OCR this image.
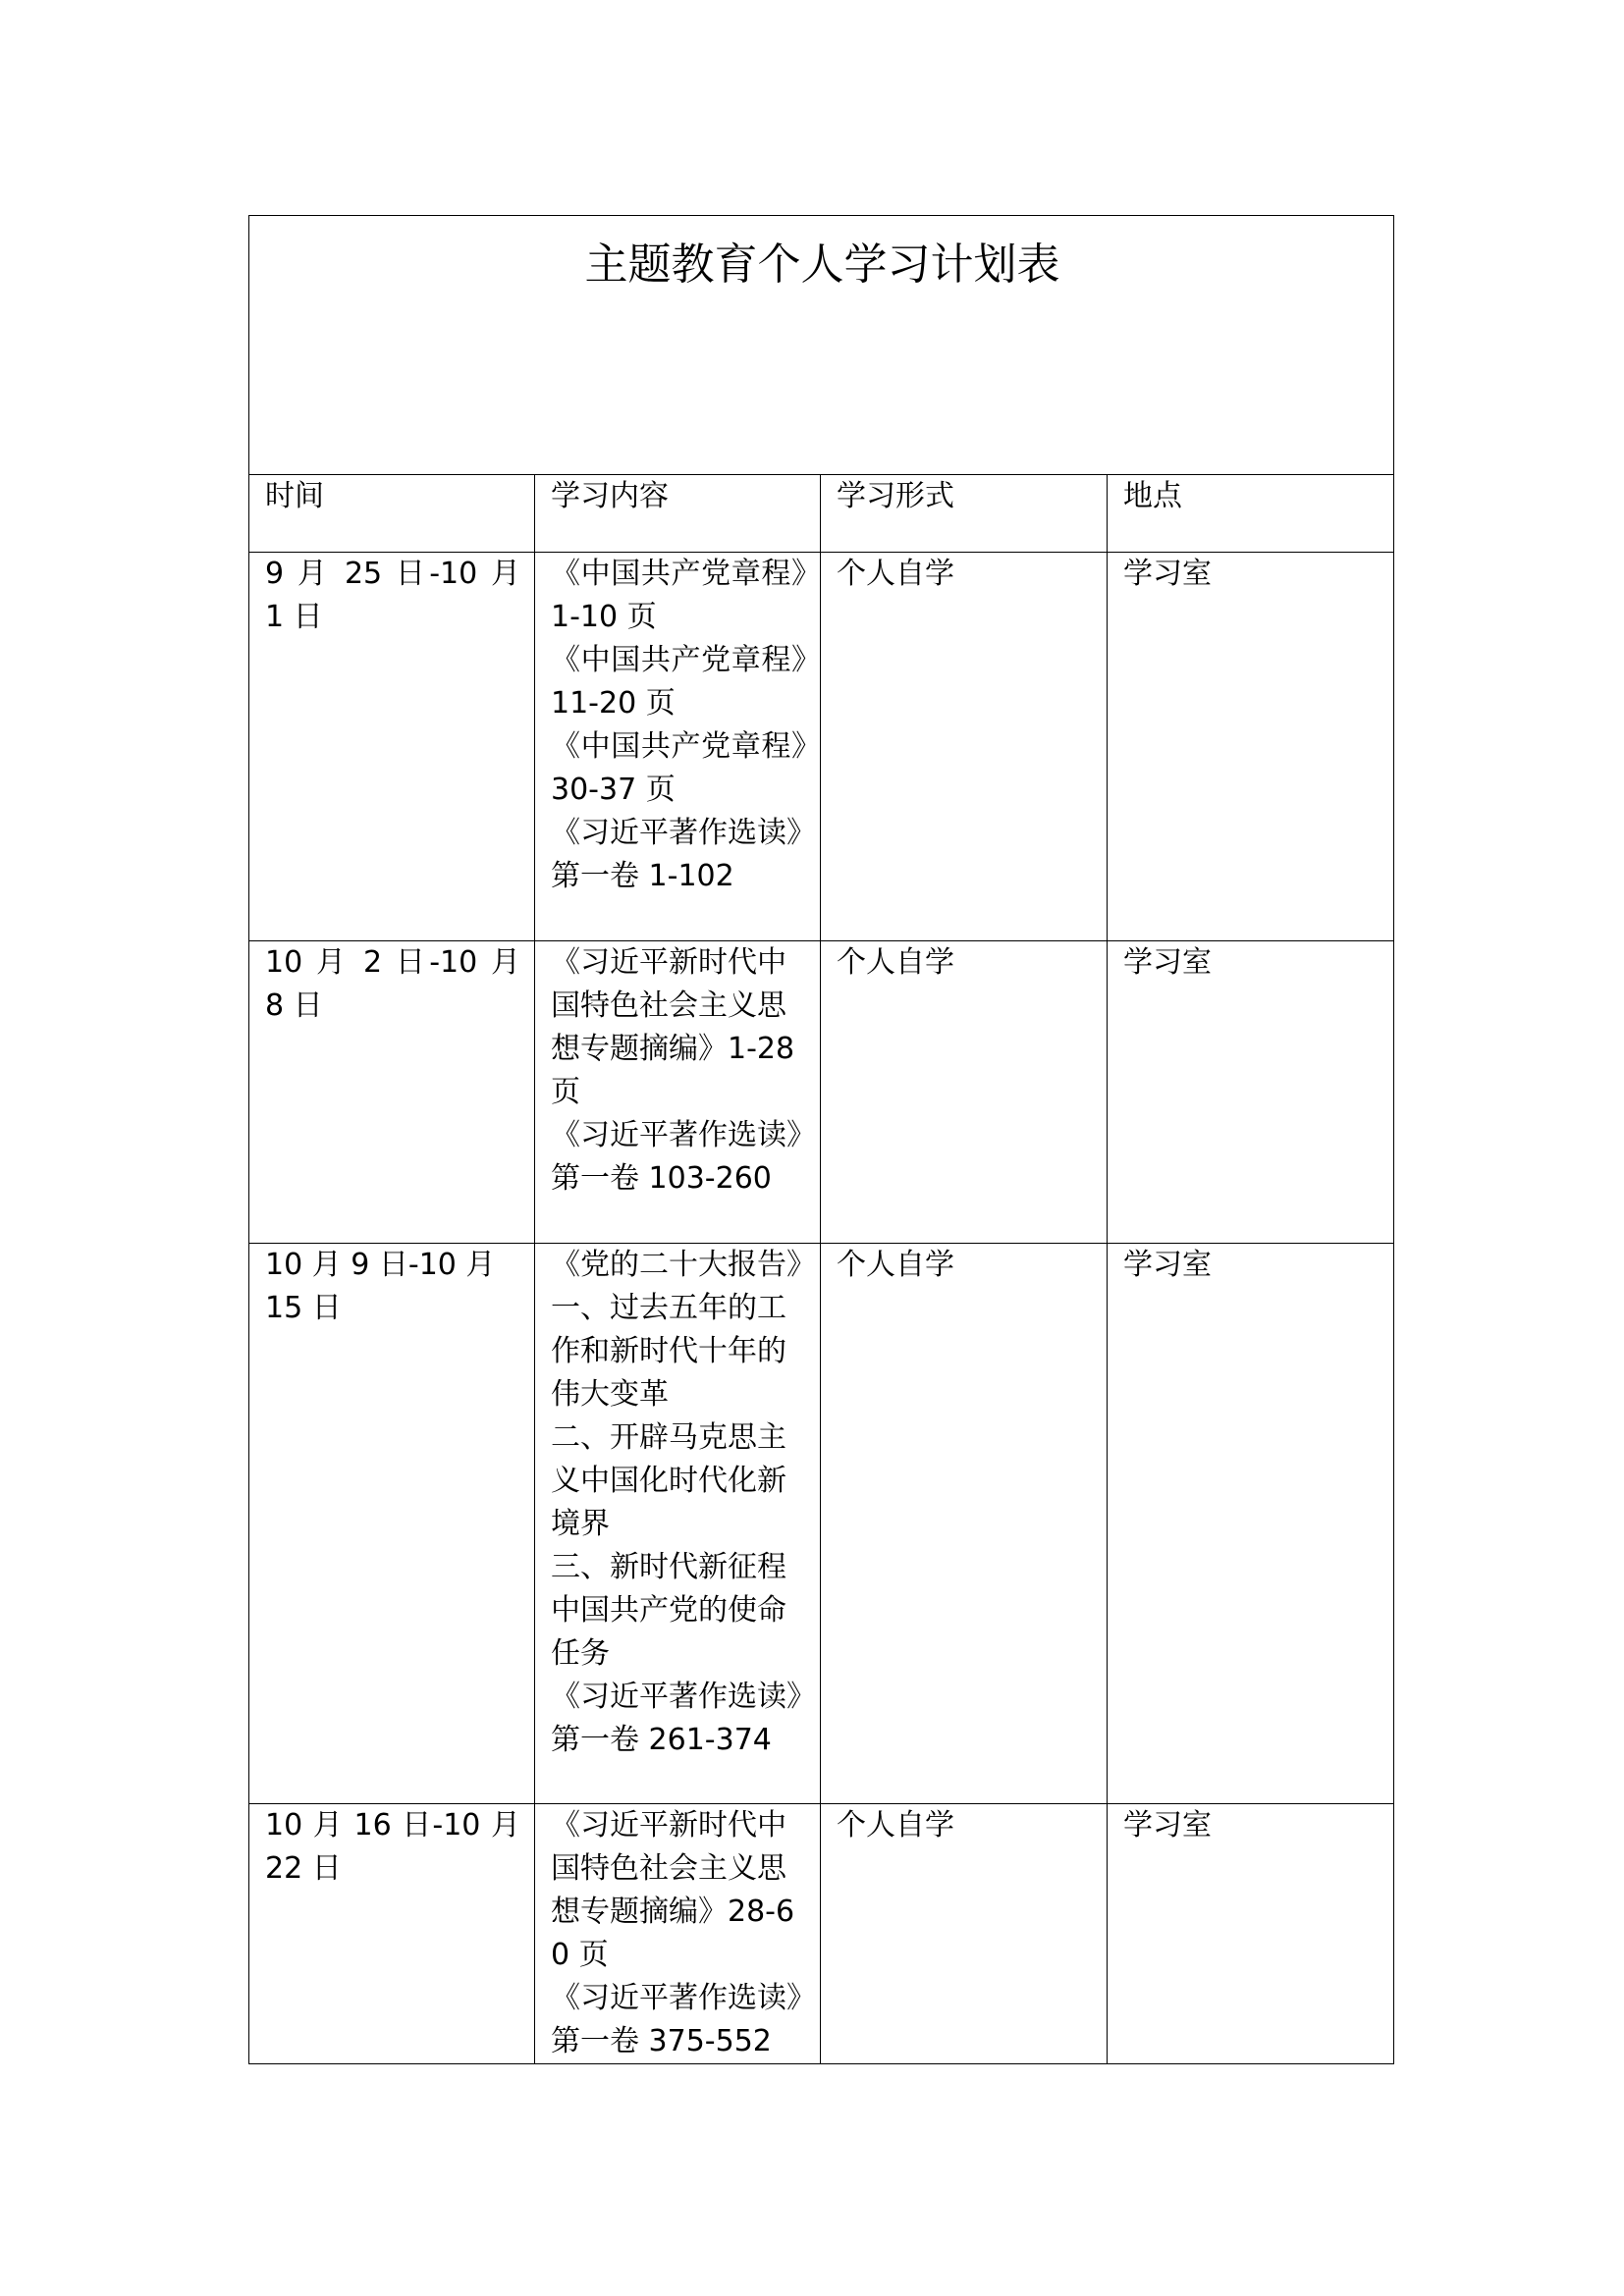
主题教育个人学习计划表			

时间	学习内容	学习形式	地点
9 月 25 日-10 月 1 日	《中国共产党章程》1-10 页
《中国共产党章程》11-20 页
《中国共产党章程》30-37 页
《习近平著作选读》第一卷 1-102	个人自学	学习室
10 月 2 日-10 月 8 日	《习近平新时代中国特色社会主义思想专题摘编》1-28 页
《习近平著作选读》第一卷 103-260	个人自学	学习室
10 月 9 日-10 月 15 日	《党的二十大报告》
一、过去五年的工作和新时代十年的伟大变革
二、开辟马克思主义中国化时代化新境界
三、新时代新征程中国共产党的使命任务
《习近平著作选读》第一卷 261-374	个人自学	学习室
10 月 16 日-10 月 22 日	《习近平新时代中国特色社会主义思想专题摘编》28-60 页
《习近平著作选读》第一卷 375-552	个人自学	学习室
